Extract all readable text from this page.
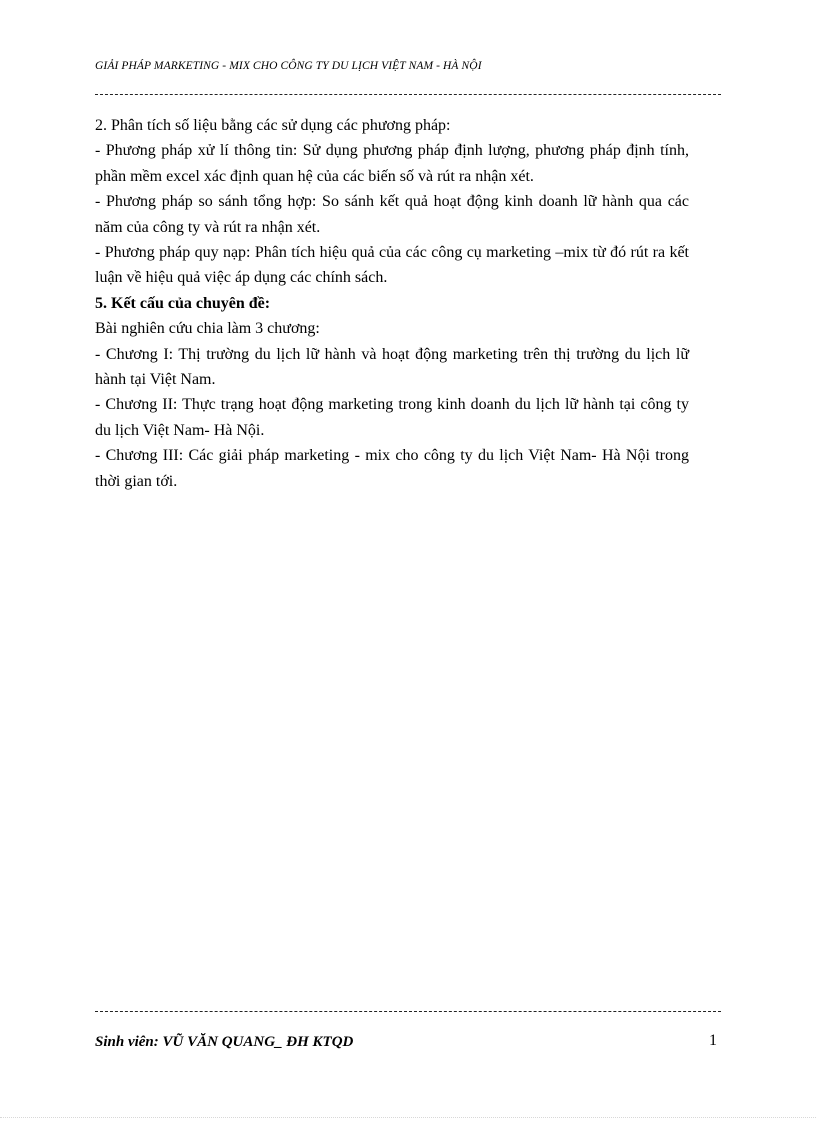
GIẢI PHÁP MARKETING - MIX CHO CÔNG TY DU LỊCH VIỆT NAM - HÀ NỘI

2. Phân tích số liệu bằng các sử dụng các phương pháp:

- Phương pháp xử lí thông tin: Sử dụng phương pháp định lượng, phương pháp định tính, phần mềm excel xác định quan hệ của các biến số và rút ra nhận xét.

- Phương pháp so sánh tổng hợp: So sánh kết quả hoạt động kinh doanh lữ hành qua các năm của công ty và rút ra nhận xét.

- Phương pháp quy nạp: Phân tích hiệu quả của các công cụ marketing –mix từ đó rút ra kết luận về hiệu quả việc áp dụng các chính sách.

5. Kết cấu của chuyên đề:

Bài nghiên cứu chia làm 3 chương:

- Chương I: Thị trường du lịch lữ hành và hoạt động marketing trên thị trường du lịch lữ hành tại Việt Nam.

- Chương II: Thực trạng hoạt động marketing trong kinh doanh du lịch lữ hành tại công ty du lịch Việt Nam- Hà Nội.

- Chương III: Các giải pháp marketing - mix cho công ty du lịch Việt Nam- Hà Nội trong thời gian tới.

Sinh viên: VŨ VĂN QUANG_ ĐH KTQD	1
